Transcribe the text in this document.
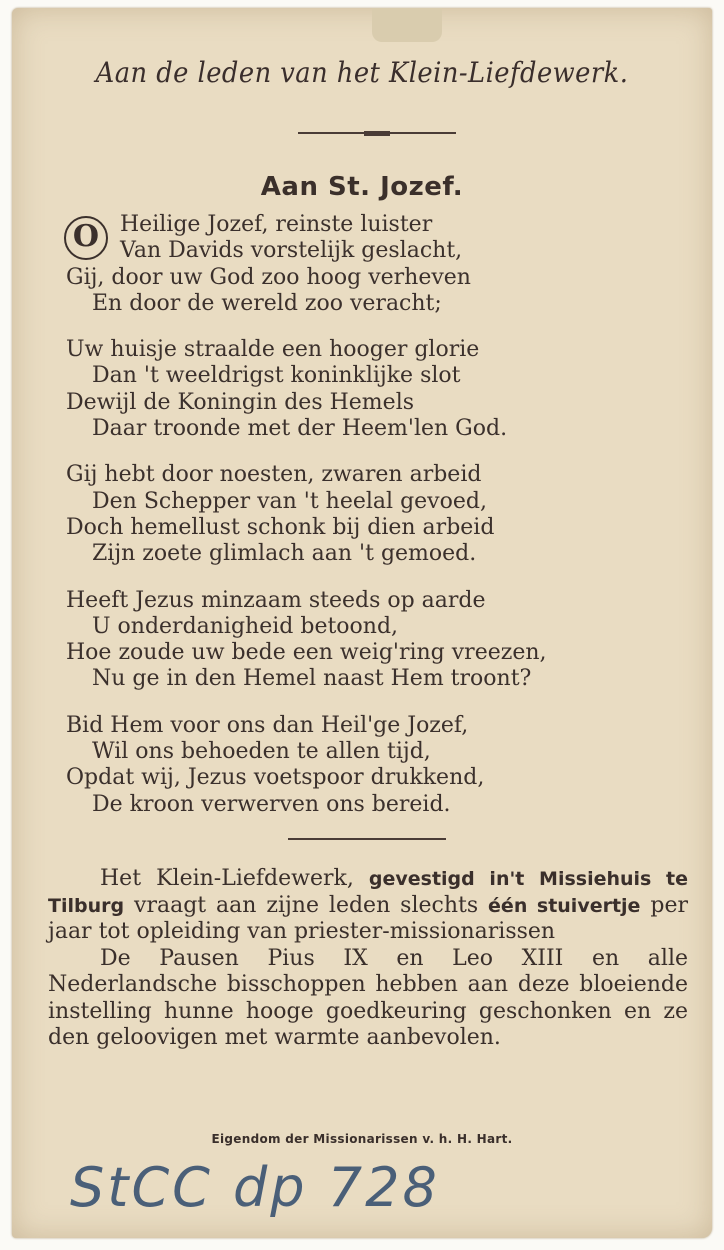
Aan de leden van het Klein-Liefdewerk.
Aan St. Jozef.
O Heilige Jozef, reinste luister
Van Davids vorstelijk geslacht,
Gij, door uw God zoo hoog verheven
En door de wereld zoo veracht;
Uw huisje straalde een hooger glorie
Dan 't weeldrigst koninklijke slot
Dewijl de Koningin des Hemels
Daar troonde met der Heem'len God.
Gij hebt door noesten, zwaren arbeid
Den Schepper van 't heelal gevoed,
Doch hemellust schonk bij dien arbeid
Zijn zoete glimlach aan 't gemoed.
Heeft Jezus minzaam steeds op aarde
U onderdanigheid betoond,
Hoe zoude uw bede een weig'ring vreezen,
Nu ge in den Hemel naast Hem troont?
Bid Hem voor ons dan Heil'ge Jozef,
Wil ons behoeden te allen tijd,
Opdat wij, Jezus voetspoor drukkend,
De kroon verwerven ons bereid.

Het Klein-Liefdewerk, gevestigd in't Missiehuis te Tilburg vraagt aan zijne leden slechts één stuivertje per jaar tot opleiding van priester-missionarissen

De Pausen Pius IX en Leo XIII en alle Nederlandsche bisschoppen hebben aan deze bloeiende instelling hunne hooge goedkeuring geschonken en ze den geloovigen met warmte aanbevolen.

Eigendom der Missionarissen v. h. H. Hart.
StCC dp 728
